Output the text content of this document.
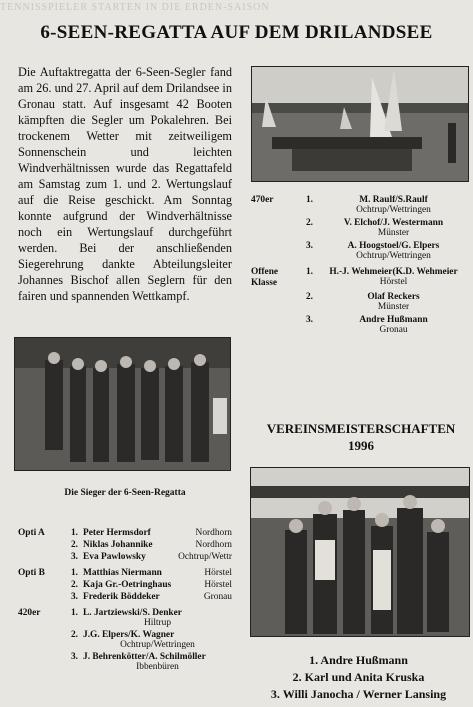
TENNISSPIELER STARTEN IN DIE ERDEN-SAISON
6-SEEN-REGATTA AUF DEM DRILANDSEE

Die Auftaktregatta der 6-Seen-Segler fand am 26. und 27. April auf dem Drilandsee in Gronau statt. Auf insgesamt 42 Booten kämpften die Segler um Pokalehren. Bei trockenem Wetter mit zeitweiligem Sonnenschein und leichten Windverhältnissen wurde das Regattafeld am Samstag zum 1. und 2. Wertungslauf auf die Reise geschickt. Am Sonntag konnte aufgrund der Windverhältnisse noch ein Wertungslauf durchgeführt werden. Bei der anschließenden Siegerehrung dankte Abteilungsleiter Johannes Bischof allen Seglern für den fairen und spannenden Wettkampf.

Die Sieger der 6-Seen-Regatta
Opti A	1. Peter Hermsdorf	Nordhorn
2. Niklas Johannike	Nordhorn
3. Eva Pawlowsky	Ochtrup/Wettr
Opti B	1. Matthias Niermann	Hörstel
2. Kaja Gr.-Oetringhaus	Hörstel
3. Frederik Böddeker	Gronau
420er	1. L. Jartziewski/S. Denker
Hiltrup
2. J.G. Elpers/K. Wagner
Ochtrup/Wettringen
3. J. Behrenkötter/A. Schilmöller
Ibbenbüren
470er	1.	M. Raulf/S.Raulf
Ochtrup/Wettringen
2.	V. Elchof/J. Westermann
Münster
3.	A. Hoogstoel/G. Elpers
Ochtrup/Wettringen
Offene Klasse
1.	H.-J. Wehmeier(K.D. Wehmeier
Hörstel
2.	Olaf Reckers
Münster
3.	Andre Hußmann
Gronau
VEREINSMEISTERSCHAFTEN
1996
1. Andre Hußmann
2. Karl und Anita Kruska
3. Willi Janocha / Werner Lansing
